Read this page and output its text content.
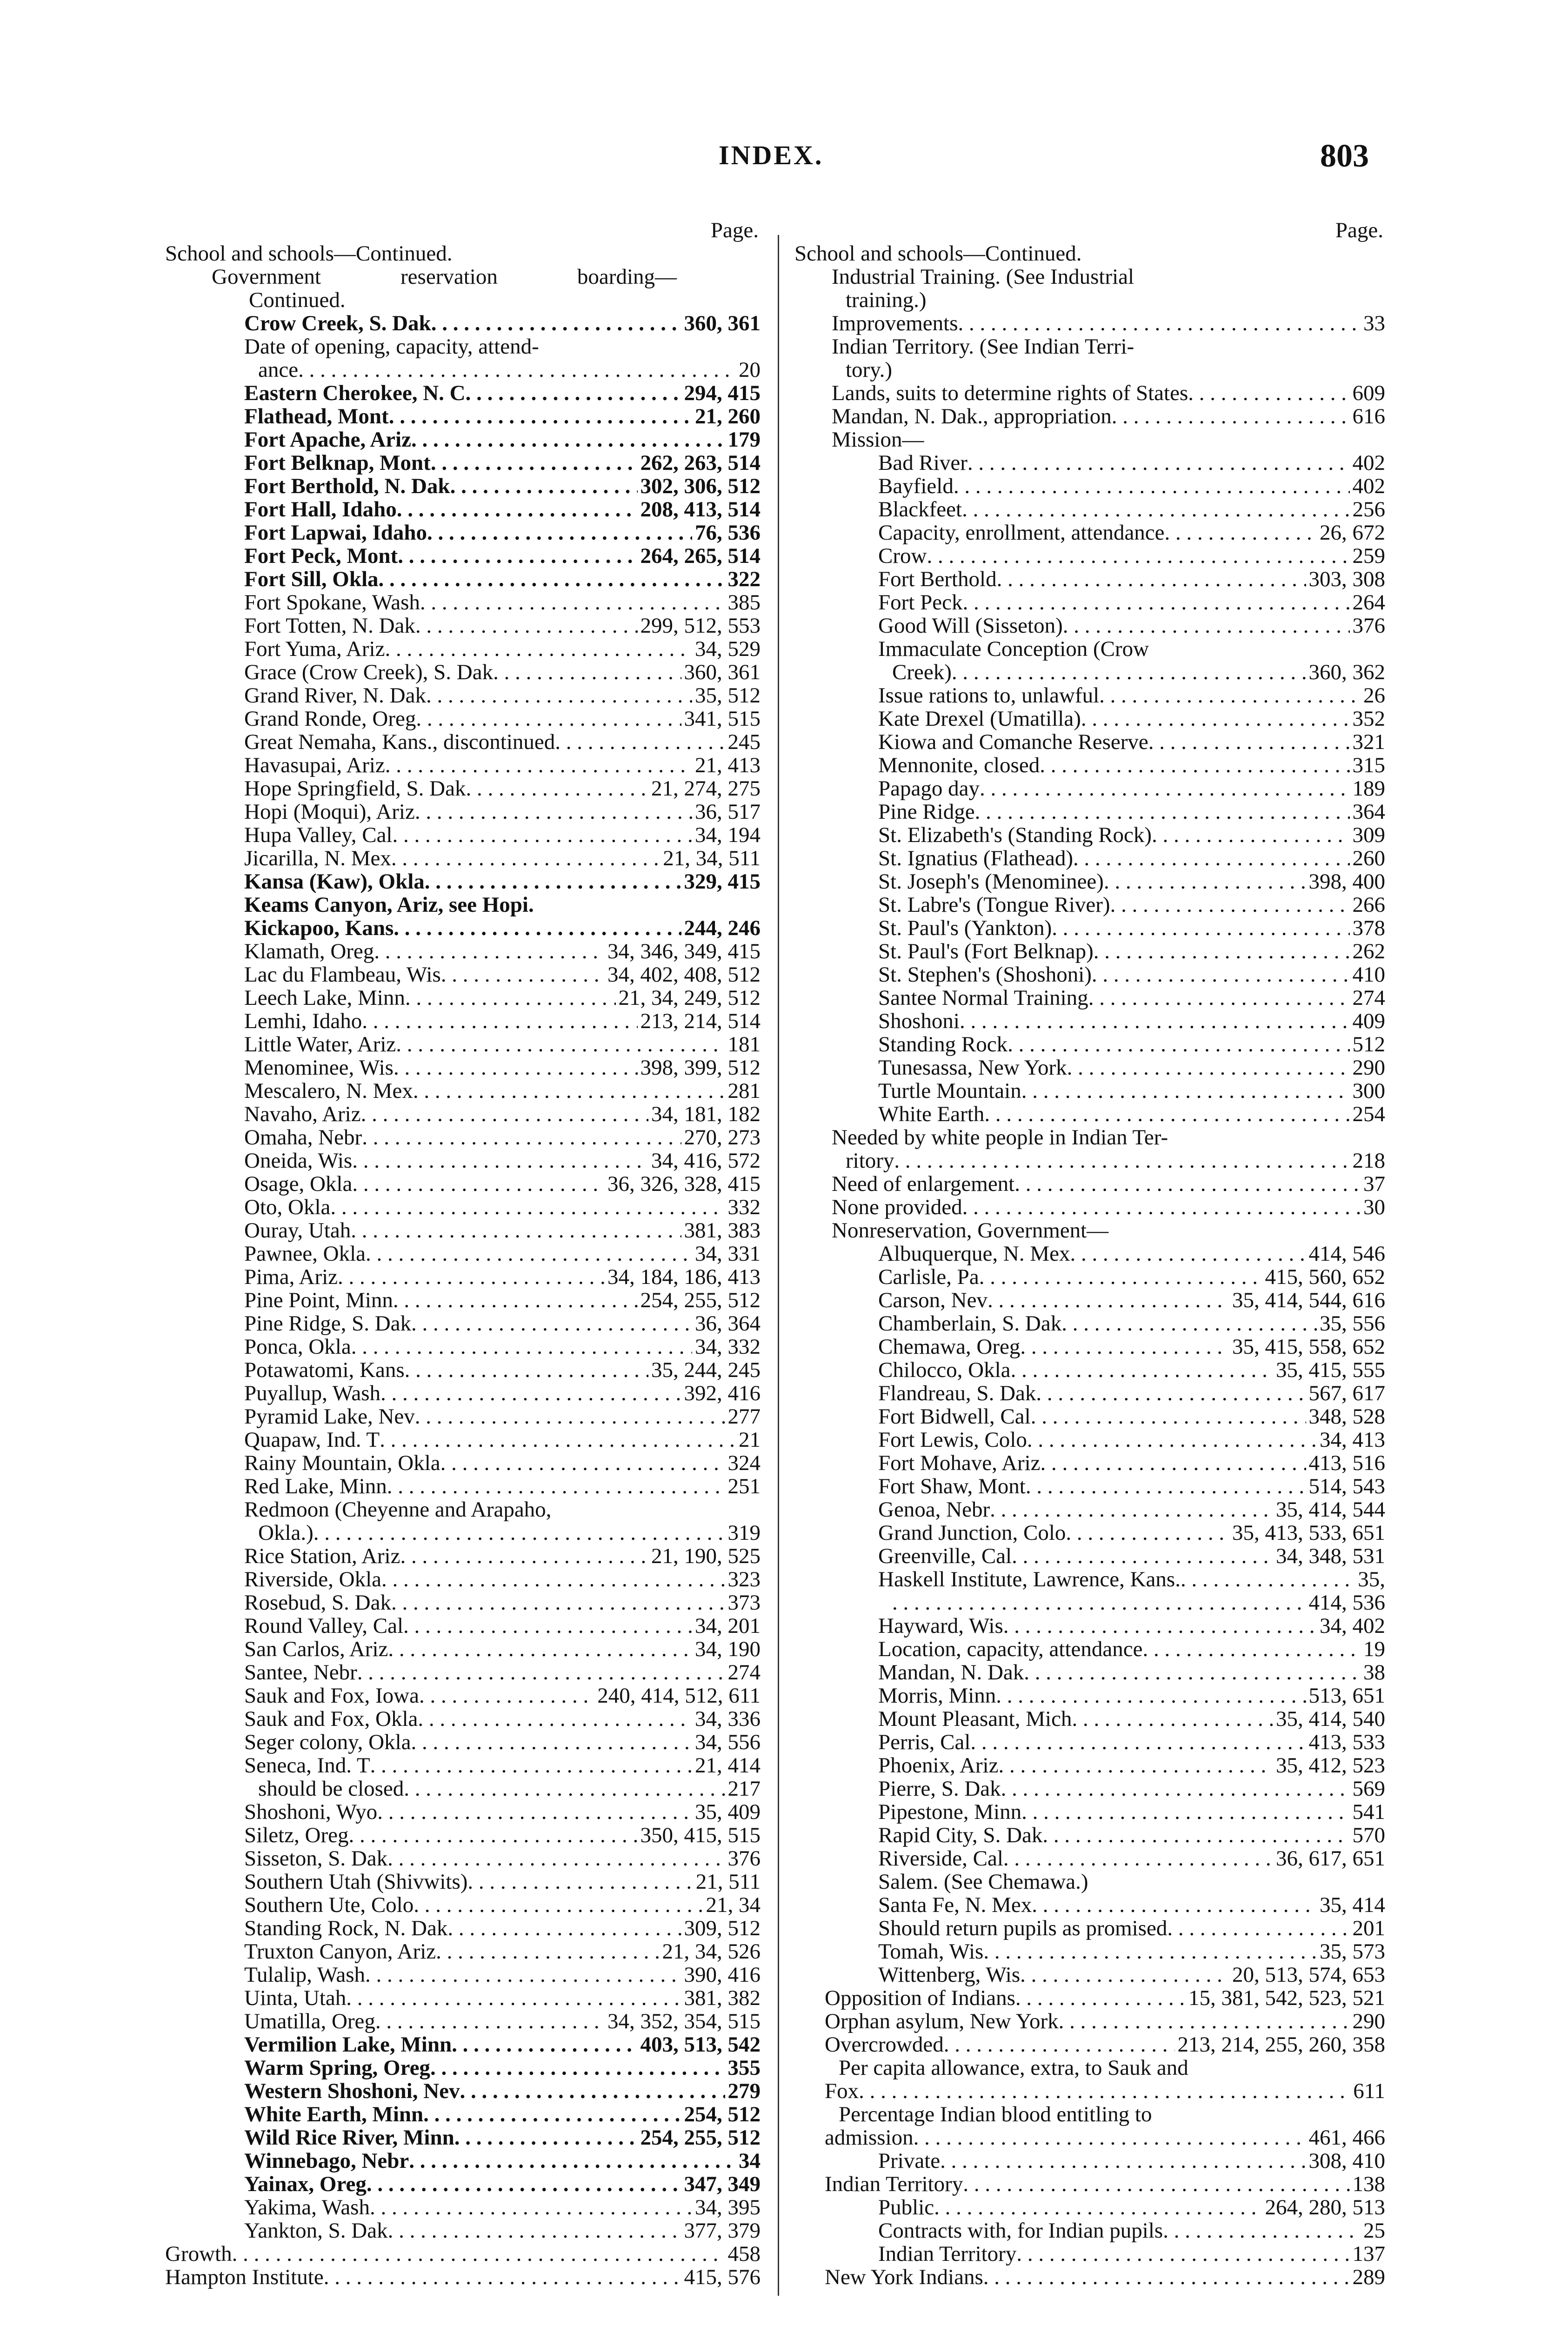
INDEX.	803
Page.
School and schools—Continued.
Government reservation boarding—
Continued.
Crow Creek, S. Dak . . .	360, 361
Date of opening, capacity, attend-
ance . . .	20
Eastern Cherokee, N. C . . .	294, 415
Flathead, Mont . . .	21, 260
Fort Apache, Ariz . . .	179
Fort Belknap, Mont . . .	262, 263, 514
Fort Berthold, N. Dak . . .	302, 306, 512
Fort Hall, Idaho . . .	208, 413, 514
Fort Lapwai, Idaho . . .	76, 536
Fort Peck, Mont . . .	264, 265, 514
Fort Sill, Okla . . .	322
Fort Spokane, Wash . . .	385
Fort Totten, N. Dak . . .	299, 512, 553
Fort Yuma, Ariz . . .	34, 529
Grace (Crow Creek), S. Dak . . .	360, 361
Grand River, N. Dak . . .	35, 512
Grand Ronde, Oreg . . .	341, 515
Great Nemaha, Kans., discontinued . . .	245
Havasupai, Ariz . . .	21, 413
Hope Springfield, S. Dak . . .	21, 274, 275
Hopi (Moqui), Ariz . . .	36, 517
Hupa Valley, Cal . . .	34, 194
Jicarilla, N. Mex . . .	21, 34, 511
Kansa (Kaw), Okla . . .	329, 415
Keams Canyon, Ariz, see Hopi.
Kickapoo, Kans . . .	244, 246
Klamath, Oreg . . .	34, 346, 349, 415
Lac du Flambeau, Wis . . .	34, 402, 408, 512
Leech Lake, Minn . . .	21, 34, 249, 512
Lemhi, Idaho . . .	213, 214, 514
Little Water, Ariz . . .	181
Menominee, Wis . . .	398, 399, 512
Mescalero, N. Mex . . .	281
Navaho, Ariz . . .	34, 181, 182
Omaha, Nebr . . .	270, 273
Oneida, Wis . . .	34, 416, 572
Osage, Okla . . .	36, 326, 328, 415
Oto, Okla . . .	332
Ouray, Utah . . .	381, 383
Pawnee, Okla . . .	34, 331
Pima, Ariz . . .	34, 184, 186, 413
Pine Point, Minn . . .	254, 255, 512
Pine Ridge, S. Dak . . .	36, 364
Ponca, Okla . . .	34, 332
Potawatomi, Kans . . .	35, 244, 245
Puyallup, Wash . . .	392, 416
Pyramid Lake, Nev . . .	277
Quapaw, Ind. T . . .	21
Rainy Mountain, Okla . . .	324
Red Lake, Minn . . .	251
Redmoon (Cheyenne and Arapaho,
Okla.) . . .	319
Rice Station, Ariz . . .	21, 190, 525
Riverside, Okla . . .	323
Rosebud, S. Dak . . .	373
Round Valley, Cal . . .	34, 201
San Carlos, Ariz . . .	34, 190
Santee, Nebr . . .	274
Sauk and Fox, Iowa . . .	240, 414, 512, 611
Sauk and Fox, Okla . . .	34, 336
Seger colony, Okla . . .	34, 556
Seneca, Ind. T . . .	21, 414
should be closed . . .	217
Shoshoni, Wyo . . .	35, 409
Siletz, Oreg . . .	350, 415, 515
Sisseton, S. Dak . . .	376
Southern Utah (Shivwits) . . .	21, 511
Southern Ute, Colo . . .	21, 34
Standing Rock, N. Dak . . .	309, 512
Truxton Canyon, Ariz . . .	21, 34, 526
Tulalip, Wash . . .	390, 416
Uinta, Utah . . .	381, 382
Umatilla, Oreg . . .	34, 352, 354, 515
Vermilion Lake, Minn . . .	403, 513, 542
Warm Spring, Oreg . . .	355
Western Shoshoni, Nev . . .	279
White Earth, Minn . . .	254, 512
Wild Rice River, Minn . . .	254, 255, 512
Winnebago, Nebr . . .	34
Yainax, Oreg . . .	347, 349
Yakima, Wash . . .	34, 395
Yankton, S. Dak . . .	377, 379
Growth . . .	458
Hampton Institute . . .	415, 576
Page.
School and schools—Continued.
Industrial Training. (See Industrial
training.)
Improvements . . .	33
Indian Territory. (See Indian Terri-
tory.)
Lands, suits to determine rights of States . . .	609
Mandan, N. Dak., appropriation . . .	616
Mission—
Bad River . . .	402
Bayfield . . .	402
Blackfeet . . .	256
Capacity, enrollment, attendance . . .	26, 672
Crow . . .	259
Fort Berthold . . .	303, 308
Fort Peck . . .	264
Good Will (Sisseton) . . .	376
Immaculate Conception (Crow
Creek) . . .	360, 362
Issue rations to, unlawful . . .	26
Kate Drexel (Umatilla) . . .	352
Kiowa and Comanche Reserve . . .	321
Mennonite, closed . . .	315
Papago day . . .	189
Pine Ridge . . .	364
St. Elizabeth's (Standing Rock) . . .	309
St. Ignatius (Flathead) . . .	260
St. Joseph's (Menominee) . . .	398, 400
St. Labre's (Tongue River) . . .	266
St. Paul's (Yankton) . . .	378
St. Paul's (Fort Belknap) . . .	262
St. Stephen's (Shoshoni) . . .	410
Santee Normal Training . . .	274
Shoshoni . . .	409
Standing Rock . . .	512
Tunesassa, New York . . .	290
Turtle Mountain . . .	300
White Earth . . .	254
Needed by white people in Indian Ter-
ritory . . .	218
Need of enlargement . . .	37
None provided . . .	30
Nonreservation, Government—
Albuquerque, N. Mex . . .	414, 546
Carlisle, Pa . . .	415, 560, 652
Carson, Nev . . .	35, 414, 544, 616
Chamberlain, S. Dak . . .	35, 556
Chemawa, Oreg . . .	35, 415, 558, 652
Chilocco, Okla . . .	35, 415, 555
Flandreau, S. Dak . . .	567, 617
Fort Bidwell, Cal . . .	348, 528
Fort Lewis, Colo . . .	34, 413
Fort Mohave, Ariz . . .	413, 516
Fort Shaw, Mont . . .	514, 543
Genoa, Nebr . . .	35, 414, 544
Grand Junction, Colo . . .	35, 413, 533, 651
Greenville, Cal . . .	34, 348, 531
Haskell Institute, Lawrence, Kans. . . .	35,
. . .
414, 536
Hayward, Wis . . .	34, 402
Location, capacity, attendance . . .	19
Mandan, N. Dak . . .	38
Morris, Minn . . .	513, 651
Mount Pleasant, Mich . . .	35, 414, 540
Perris, Cal . . .	413, 533
Phoenix, Ariz . . .	35, 412, 523
Pierre, S. Dak . . .	569
Pipestone, Minn . . .	541
Rapid City, S. Dak . . .	570
Riverside, Cal . . .	36, 617, 651
Salem. (See Chemawa.)
Santa Fe, N. Mex . . .	35, 414
Should return pupils as promised . . .	201
Tomah, Wis . . .	35, 573
Wittenberg, Wis . . .	20, 513, 574, 653
Opposition of Indians . . .	15, 381, 542, 523, 521
Orphan asylum, New York . . .	290
Overcrowded . . .	213, 214, 255, 260, 358
Per capita allowance, extra, to Sauk and
Fox . . .	611
Percentage Indian blood entitling to
admission . . .	461, 466
Private . . .	308, 410
Indian Territory . . .	138
Public . . .	264, 280, 513
Contracts with, for Indian pupils . . .	25
Indian Territory . . .	137
New York Indians . . .	289
